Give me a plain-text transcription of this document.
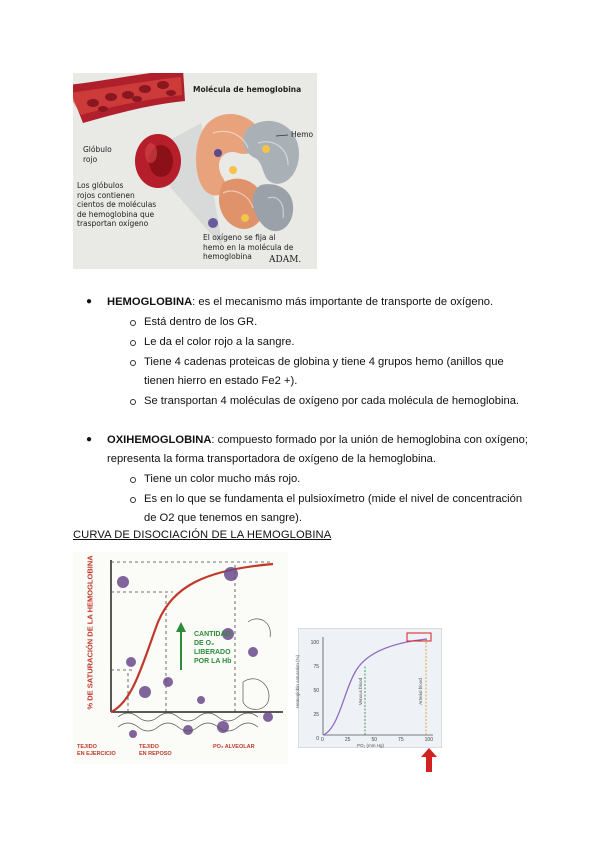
Molécula de hemoglobina
Hemo
Glóbulo
rojo
Los glóbulos
rojos contienen
cientos de moléculas
de hemoglobina que
trasportan oxígeno
El oxígeno se fija al
hemo en la molécula de
hemoglobina	ADAM.
● HEMOGLOBINA: es el mecanismo más importante de transporte de oxígeno.
Está dentro de los GR.
Le da el color rojo a la sangre.
Tiene 4 cadenas proteicas de globina y tiene 4 grupos hemo (anillos que
tienen hierro en estado Fe2 +).
Se transportan 4 moléculas de oxígeno por cada molécula de hemoglobina.
● OXIHEMOGLOBINA: compuesto formado por la unión de hemoglobina con oxígeno;
representa la forma transportadora de oxígeno de la hemoglobina.
Tiene un color mucho más rojo.
Es en lo que se fundamenta el pulsioxímetro (mide el nivel de concentración
de O2 que tenemos en sangre).
CURVA DE DISOCIACIÓN DE LA HEMOGLOBINA
% DE SATURACIÓN DE LA HEMOGLOBINA	CANTIDAD
DE O₂
LIBERADO
POR LA Hb
TEJIDO
EN EJERCICIO
TEJIDO
EN REPOSO
PO₂ ALVEOLAR
100
75
50
25
0 0	25	50	75	100
Hemoglobin saturation (%)
PO₂ (mm Hg)
Venous blood	Arterial blood
